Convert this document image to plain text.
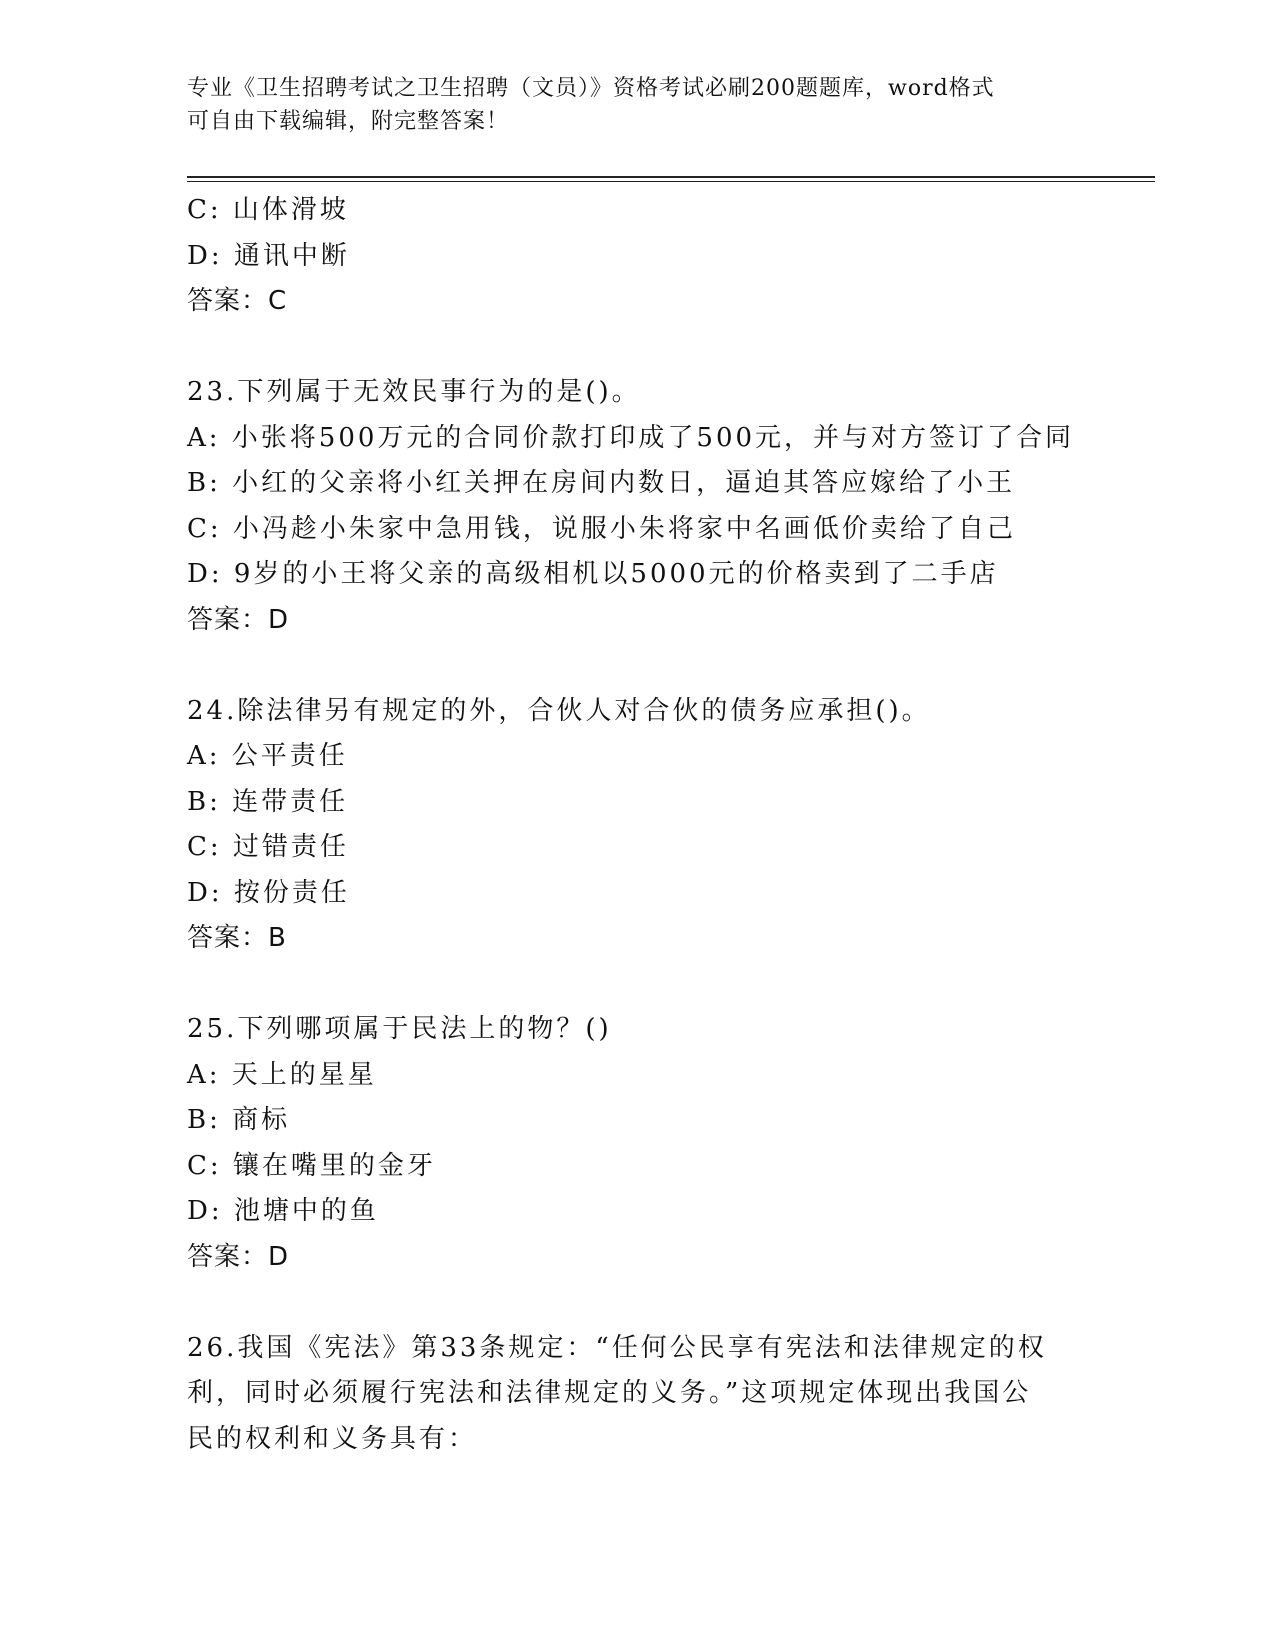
专业《卫生招聘考试之卫生招聘（文员）》资格考试必刷200题题库，word格式
可自由下载编辑，附完整答案！
C: 山体滑坡
D: 通讯中断
答案：C
23.下列属于无效民事行为的是()。
A: 小张将500万元的合同价款打印成了500元，并与对方签订了合同
B: 小红的父亲将小红关押在房间内数日，逼迫其答应嫁给了小王
C: 小冯趁小朱家中急用钱，说服小朱将家中名画低价卖给了自己
D: 9岁的小王将父亲的高级相机以5000元的价格卖到了二手店
答案：D
24.除法律另有规定的外，合伙人对合伙的债务应承担()。
A: 公平责任
B: 连带责任
C: 过错责任
D: 按份责任
答案：B
25.下列哪项属于民法上的物？()
A: 天上的星星
B: 商标
C: 镶在嘴里的金牙
D: 池塘中的鱼
答案：D
26.我国《宪法》第33条规定：“任何公民享有宪法和法律规定的权
利，同时必须履行宪法和法律规定的义务。”这项规定体现出我国公
民的权利和义务具有：
